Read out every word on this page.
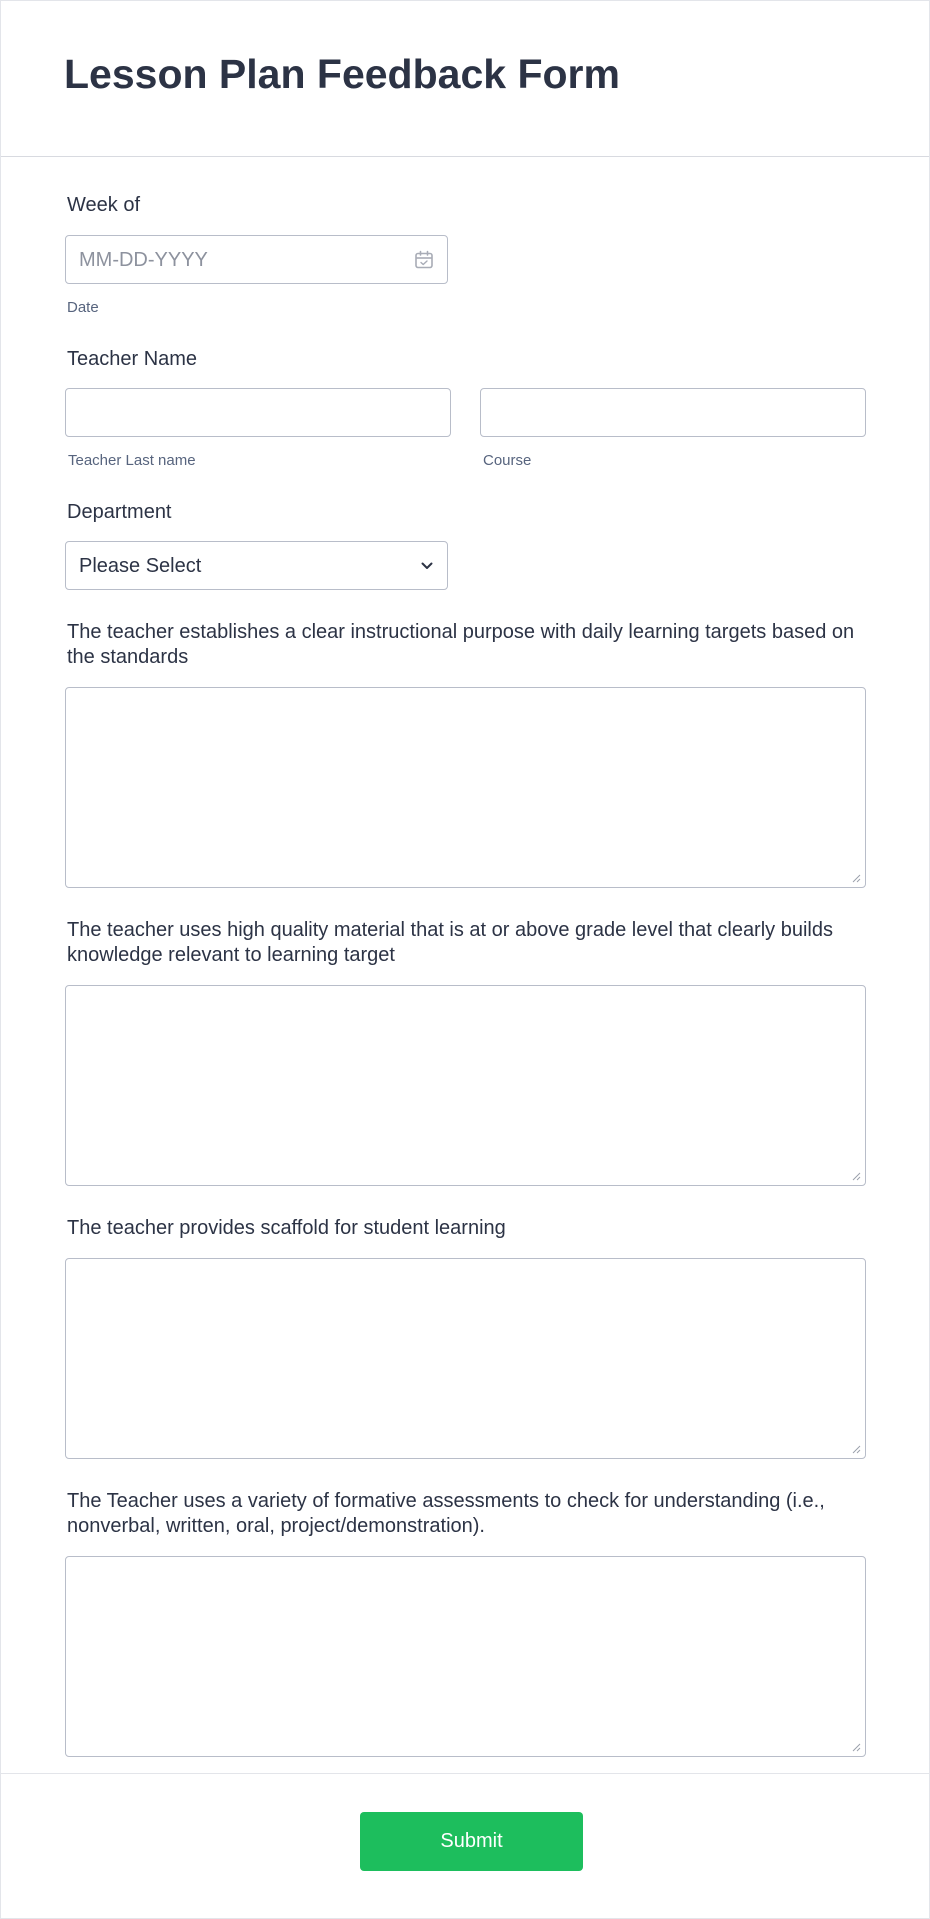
Lesson Plan Feedback Form
Week of
MM-DD-YYYY
Date
Teacher Name
Teacher Last name	Course
Department
Please Select
The teacher establishes a clear instructional purpose with daily learning targets based on the standards
The teacher uses high quality material that is at or above grade level that clearly builds knowledge relevant to learning target
The teacher provides scaffold for student learning
The Teacher uses a variety of formative assessments to check for understanding (i.e., nonverbal, written, oral, project/demonstration).
Submit
